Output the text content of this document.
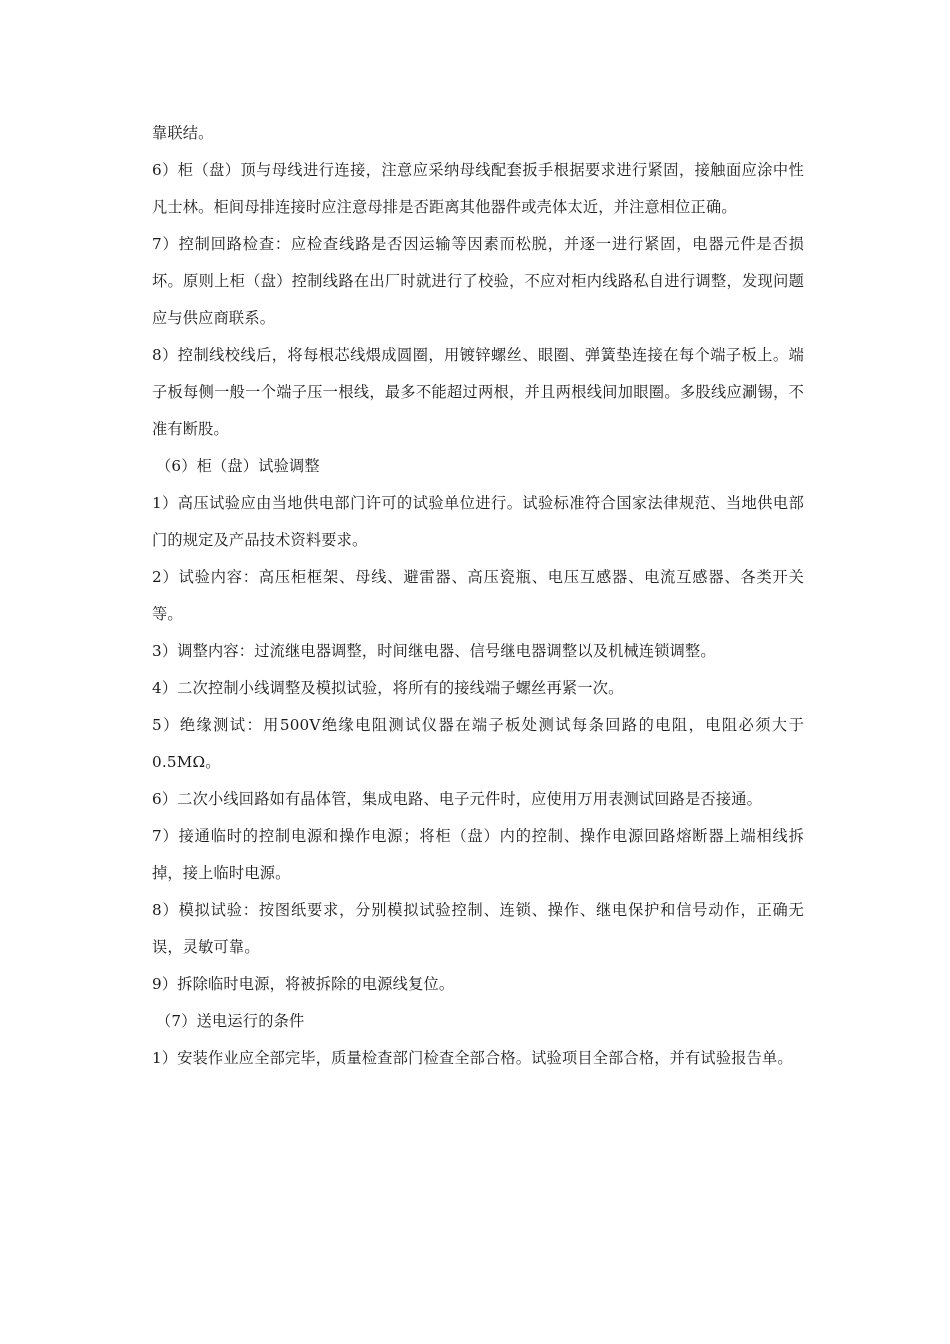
靠联结。

6）柜（盘）顶与母线进行连接，注意应采纳母线配套扳手根据要求进行紧固，接触面应涂中性凡士林。柜间母排连接时应注意母排是否距离其他器件或壳体太近，并注意相位正确。

7）控制回路检查：应检查线路是否因运输等因素而松脱，并逐一进行紧固，电器元件是否损坏。原则上柜（盘）控制线路在出厂时就进行了校验，不应对柜内线路私自进行调整，发现问题应与供应商联系。

8）控制线校线后，将每根芯线煨成圆圈，用镀锌螺丝、眼圈、弹簧垫连接在每个端子板上。端子板每侧一般一个端子压一根线，最多不能超过两根，并且两根线间加眼圈。多股线应涮锡，不准有断股。

（6）柜（盘）试验调整

1）高压试验应由当地供电部门许可的试验单位进行。试验标准符合国家法律规范、当地供电部门的规定及产品技术资料要求。

2）试验内容：高压柜框架、母线、避雷器、高压瓷瓶、电压互感器、电流互感器、各类开关等。

3）调整内容：过流继电器调整，时间继电器、信号继电器调整以及机械连锁调整。

4）二次控制小线调整及模拟试验，将所有的接线端子螺丝再紧一次。

5）绝缘测试：用500V绝缘电阻测试仪器在端子板处测试每条回路的电阻，电阻必须大于0.5MΩ。

6）二次小线回路如有晶体管，集成电路、电子元件时，应使用万用表测试回路是否接通。

7）接通临时的控制电源和操作电源；将柜（盘）内的控制、操作电源回路熔断器上端相线拆掉，接上临时电源。

8）模拟试验：按图纸要求，分别模拟试验控制、连锁、操作、继电保护和信号动作，正确无误，灵敏可靠。

9）拆除临时电源，将被拆除的电源线复位。

（7）送电运行的条件

1）安装作业应全部完毕，质量检查部门检查全部合格。试验项目全部合格，并有试验报告单。
